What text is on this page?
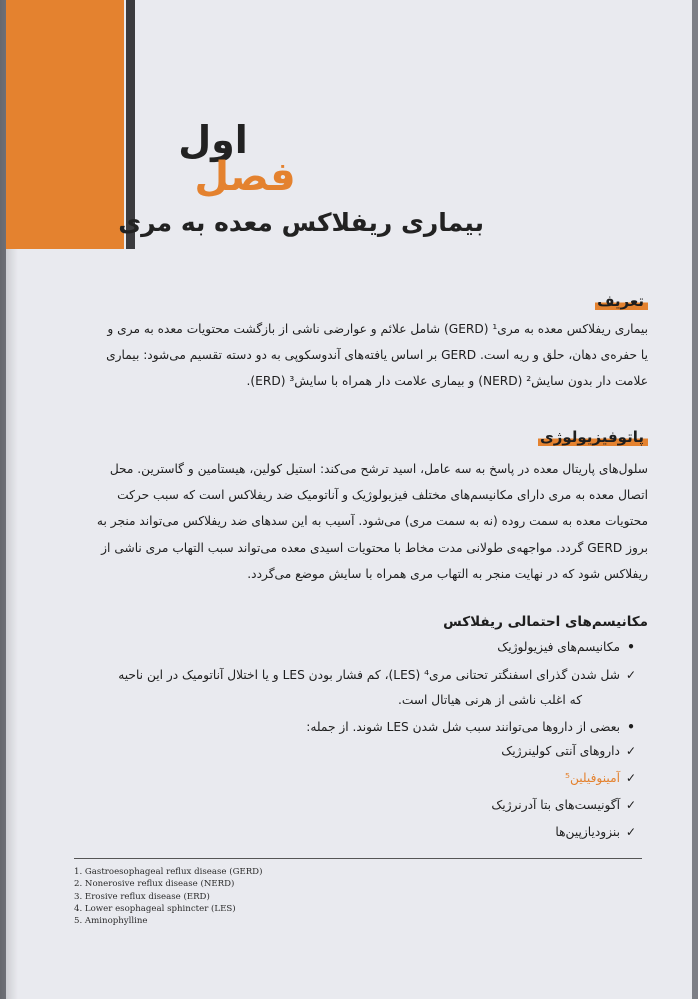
اول
فصل
بیماری ریفلاکس معده به مری
تعریف

بیماری ریفلاکس معده به مری¹ (GERD) شامل علائم و عوارضی ناشی از بازگشت محتویات معده به مری و

یا حفره‌ی دهان، حلق و ریه است. GERD بر اساس یافته‌های آندوسکوپی به دو دسته تقسیم می‌شود: بیماری

علامت دار بدون سایش² (NERD) و بیماری علامت دار همراه با سایش³ (ERD).

پاتوفیزیولوژی

سلول‌های پاریتال معده در پاسخ به سه عامل، اسید ترشح می‌کند: استیل کولین، هیستامین و گاسترین. محل

اتصال معده به مری دارای مکانیسم‌های مختلف فیزیولوژیک و آناتومیک ضد ریفلاکس است که سبب حرکت

محتویات معده به سمت روده (نه به سمت مری) می‌شود. آسیب به این سدهای ضد ریفلاکس می‌تواند منجر به

بروز GERD گردد. مواجهه‌ی طولانی مدت مخاط با محتویات اسیدی معده می‌تواند سبب التهاب مری ناشی از

ریفلاکس شود که در نهایت منجر به التهاب مری همراه با سایش موضع می‌گردد.

مکانیسم‌های احتمالی ریفلاکس
•مکانیسم‌های فیزیولوژیک
✓شل شدن گذرای اسفنگتر تحتانی مری⁴ (LES)، کم فشار بودن LES و یا اختلال آناتومیک در این ناحیه
که اغلب ناشی از هرنی هیاتال است.
•بعضی از داروها می‌توانند سبب شل شدن LES شوند. از جمله:
✓داروهای آنتی کولینرژیک
✓آمینوفیلین⁵
✓آگونیست‌های بتا آدرنرژیک
✓بنزودیازپین‌ها
1. Gastroesophageal reflux disease (GERD)
2. Nonerosive reflux disease (NERD)
3. Erosive reflux disease (ERD)
4. Lower esophageal sphincter (LES)
5. Aminophylline
